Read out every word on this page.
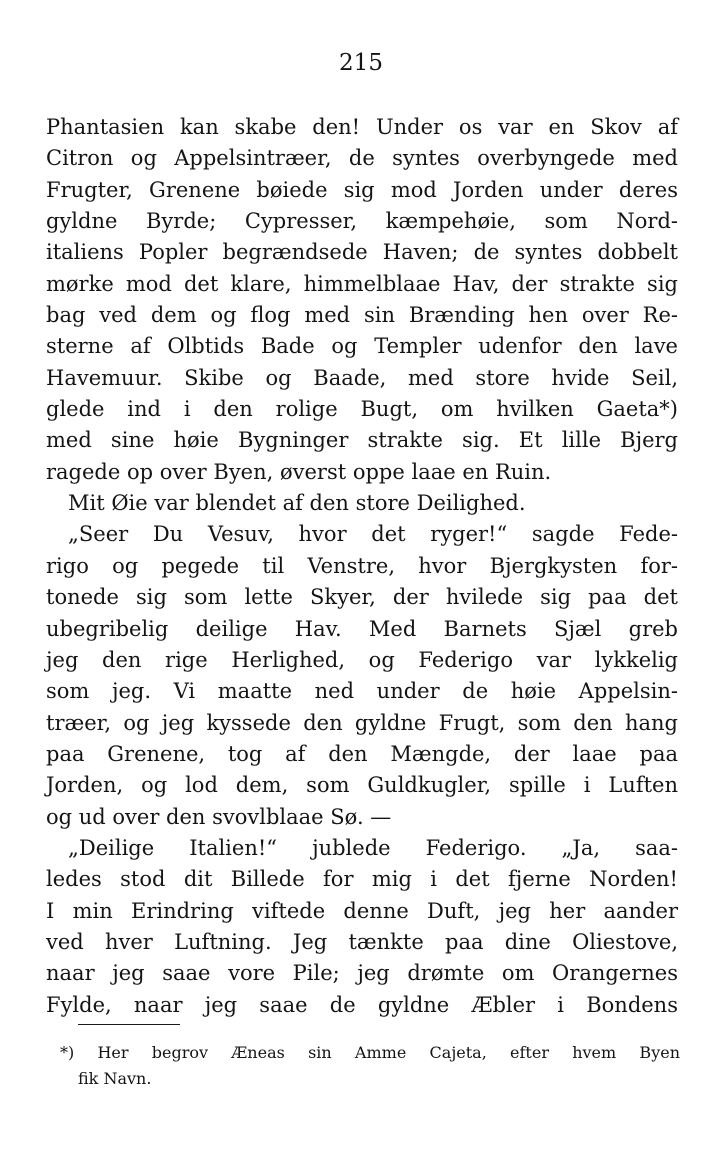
215
Phantasien kan skabe den! Under os var en Skov af
Citron og Appelsintræer, de syntes overbyngede med
Frugter, Grenene bøiede sig mod Jorden under deres
gyldne Byrde; Cypresser, kæmpehøie, som Nord-
italiens Popler begrændsede Haven; de syntes dobbelt
mørke mod det klare, himmelblaae Hav, der strakte sig
bag ved dem og flog med sin Brænding hen over Re-
sterne af Olbtids Bade og Templer udenfor den lave
Havemuur. Skibe og Baade, med store hvide Seil,
glede ind i den rolige Bugt, om hvilken Gaeta*)
med sine høie Bygninger strakte sig. Et lille Bjerg
ragede op over Byen, øverst oppe laae en Ruin.
Mit Øie var blendet af den store Deilighed.
„Seer Du Vesuv, hvor det ryger!“ sagde Fede-
rigo og pegede til Venstre, hvor Bjergkysten for-
tonede sig som lette Skyer, der hvilede sig paa det
ubegribelig deilige Hav. Med Barnets Sjæl greb
jeg den rige Herlighed, og Federigo var lykkelig
som jeg. Vi maatte ned under de høie Appelsin-
træer, og jeg kyssede den gyldne Frugt, som den hang
paa Grenene, tog af den Mængde, der laae paa
Jorden, og lod dem, som Guldkugler, spille i Luften
og ud over den svovlblaae Sø. —
„Deilige Italien!“ jublede Federigo. „Ja, saa-
ledes stod dit Billede for mig i det fjerne Norden!
I min Erindring viftede denne Duft, jeg her aander
ved hver Luftning. Jeg tænkte paa dine Oliestove,
naar jeg saae vore Pile; jeg drømte om Orangernes
Fylde, naar jeg saae de gyldne Æbler i Bondens
*) Her begrov Æneas sin Amme Cajeta, efter hvem Byen
fik Navn.
